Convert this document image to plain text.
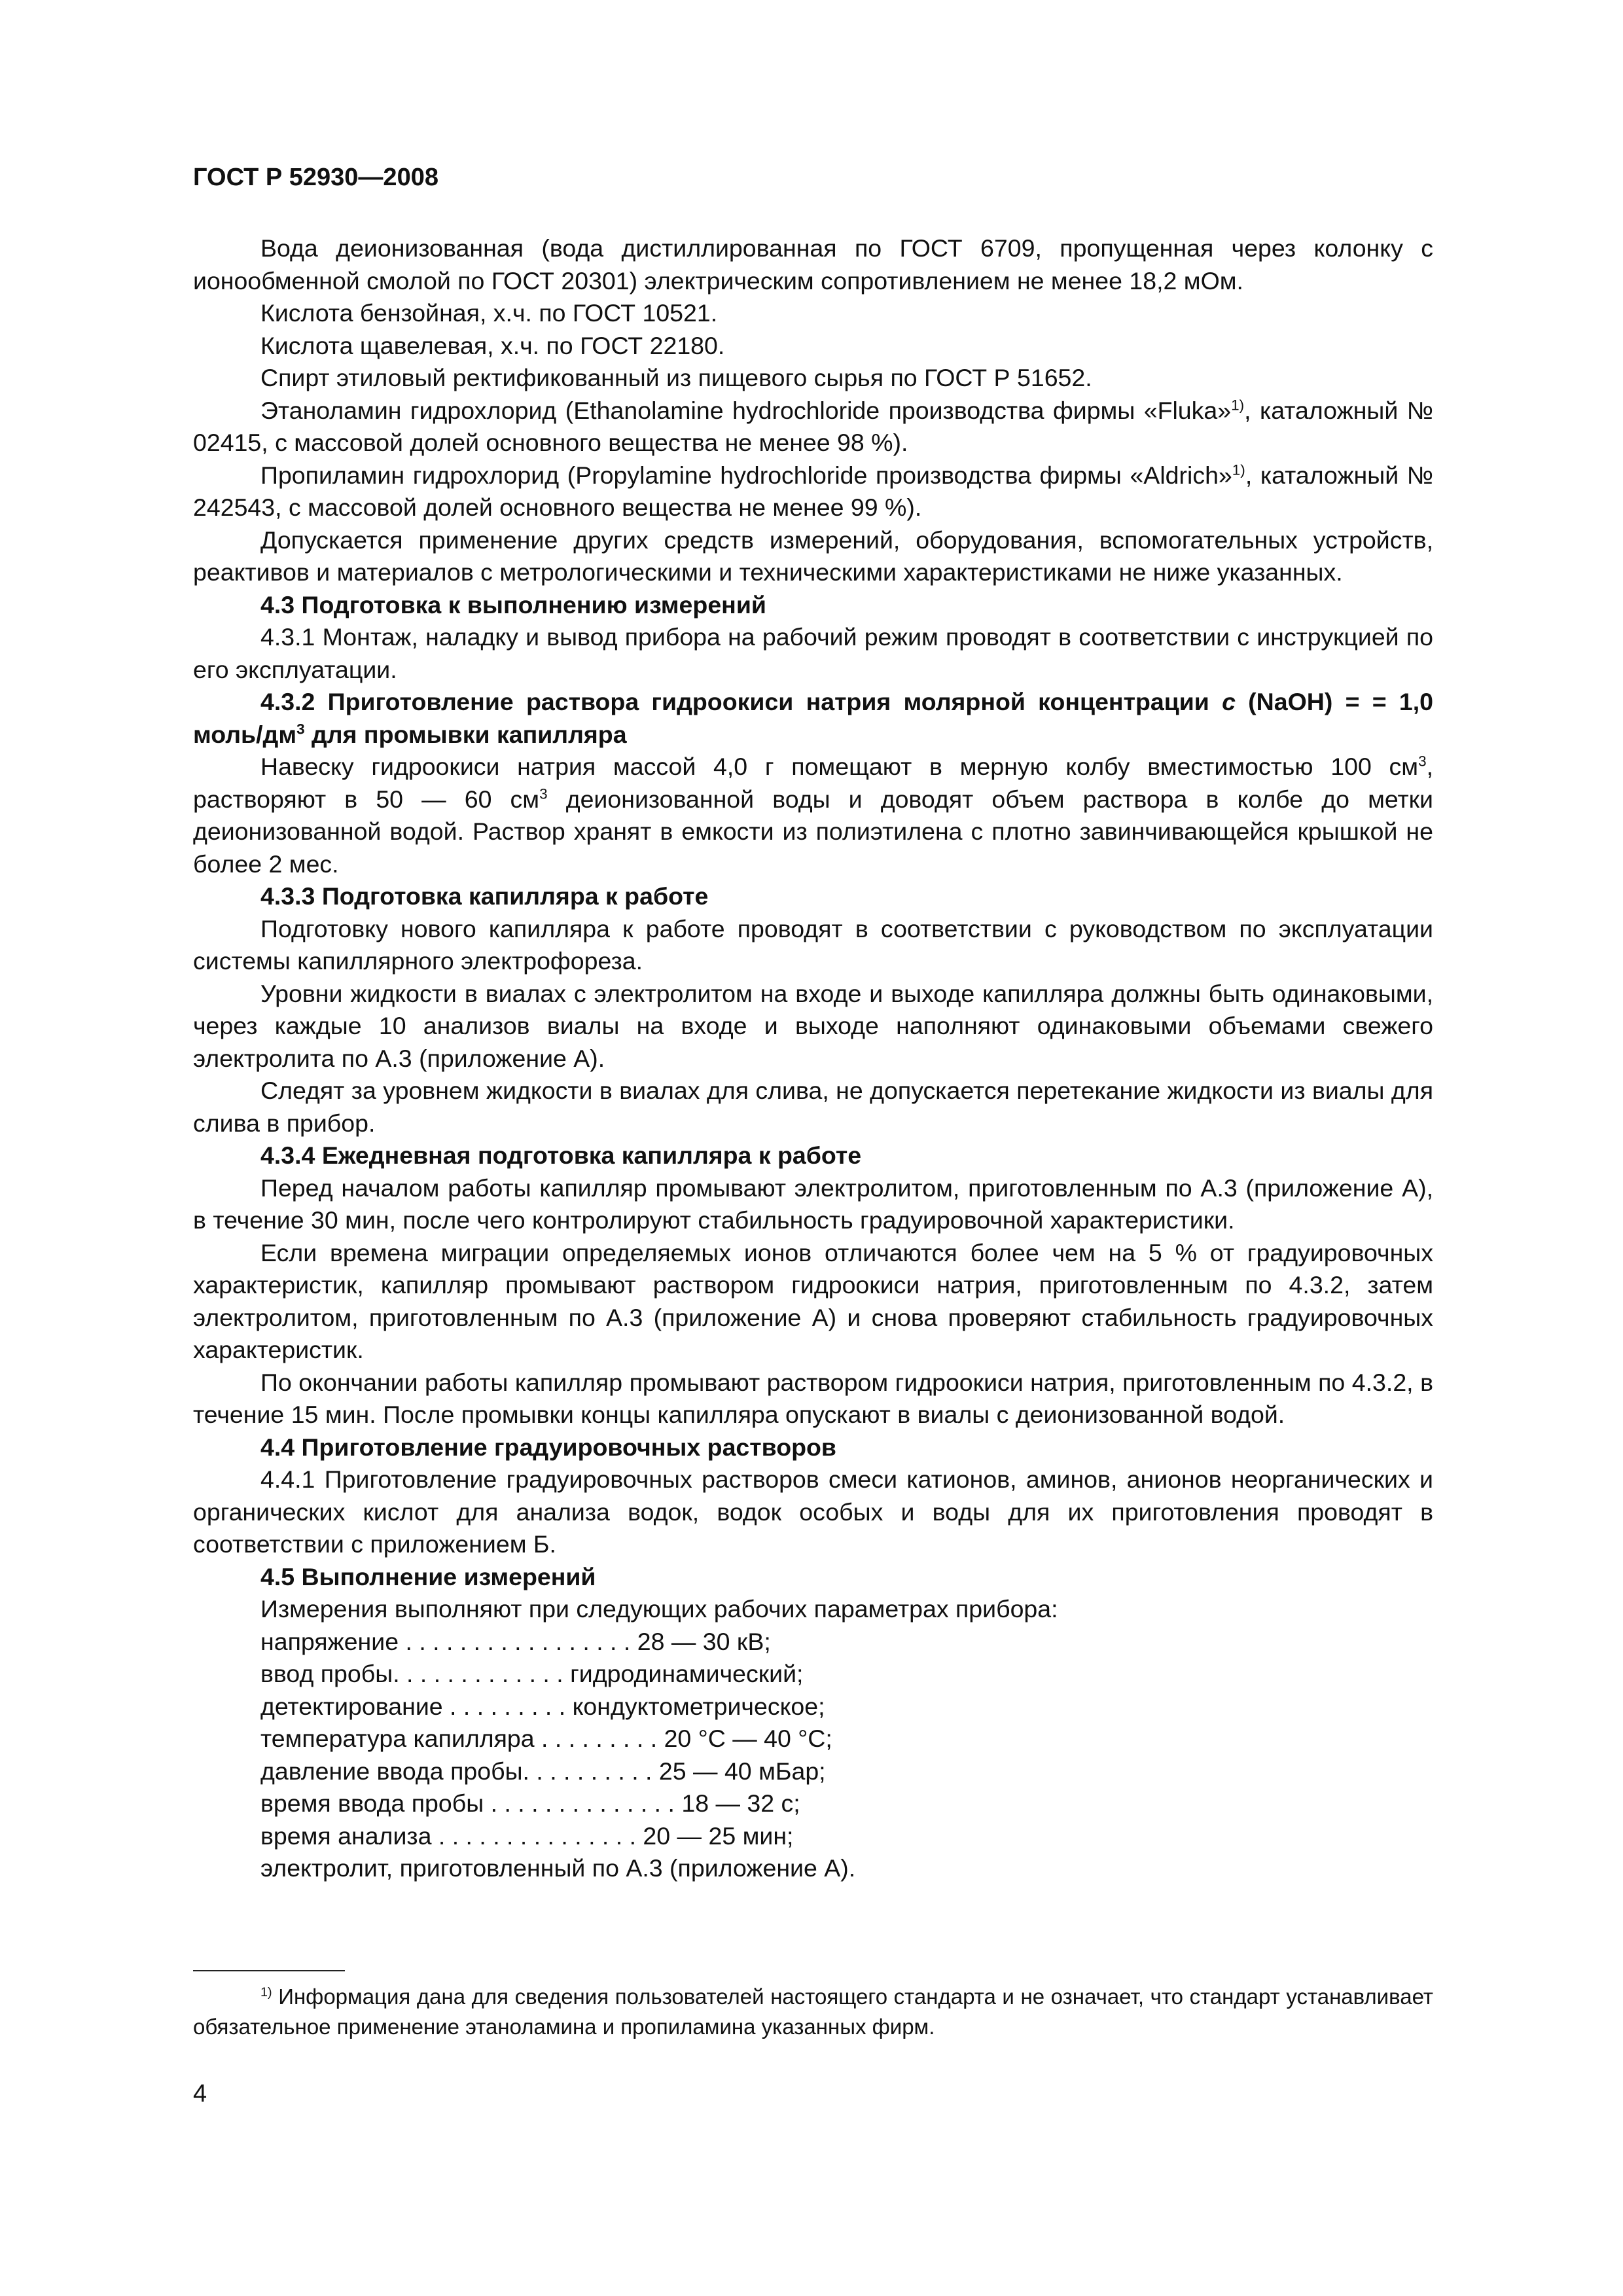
ГОСТ Р 52930—2008

Вода деионизованная (вода дистиллированная по ГОСТ 6709, пропущенная через колонку с ионообменной смолой по ГОСТ 20301) электрическим сопротивлением не менее 18,2 мОм.

Кислота бензойная, х.ч. по ГОСТ 10521.

Кислота щавелевая, х.ч. по ГОСТ 22180.

Спирт этиловый ректификованный из пищевого сырья по ГОСТ Р 51652.

Этаноламин гидрохлорид (Ethanolamine hydrochloride производства фирмы «Fluka»$^{1)}$, каталожный № 02415, с массовой долей основного вещества не менее 98 %).

Пропиламин гидрохлорид (Propylamine hydrochloride производства фирмы «Aldrich»$^{1)}$, каталожный № 242543, с массовой долей основного вещества не менее 99 %).

Допускается применение других средств измерений, оборудования, вспомогательных устройств, реактивов и материалов с метрологическими и техническими характеристиками не ниже указанных.

4.3 Подготовка к выполнению измерений

4.3.1 Монтаж, наладку и вывод прибора на рабочий режим проводят в соответствии с инструкцией по его эксплуатации.

4.3.2 Приготовление раствора гидроокиси натрия молярной концентрации c (NaOH) = = 1,0 моль/$дм^3$ для промывки капилляра

Навеску гидроокиси натрия массой 4,0 г помещают в мерную колбу вместимостью 100 $см^3$, растворяют в 50 — 60 $см^3$ деионизованной воды и доводят объем раствора в колбе до метки деионизованной водой. Раствор хранят в емкости из полиэтилена с плотно завинчивающейся крышкой не более 2 мес.

4.3.3 Подготовка капилляра к работе

Подготовку нового капилляра к работе проводят в соответствии с руководством по эксплуатации системы капиллярного электрофореза.

Уровни жидкости в виалах с электролитом на входе и выходе капилляра должны быть одинаковыми, через каждые 10 анализов виалы на входе и выходе наполняют одинаковыми объемами свежего электролита по А.3 (приложение А).

Следят за уровнем жидкости в виалах для слива, не допускается перетекание жидкости из виалы для слива в прибор.

4.3.4 Ежедневная подготовка капилляра к работе

Перед началом работы капилляр промывают электролитом, приготовленным по А.3 (приложение А), в течение 30 мин, после чего контролируют стабильность градуировочной характеристики.

Если времена миграции определяемых ионов отличаются более чем на 5 % от градуировочных характеристик, капилляр промывают раствором гидроокиси натрия, приготовленным по 4.3.2, затем электролитом, приготовленным по А.3 (приложение А) и снова проверяют стабильность градуировочных характеристик.

По окончании работы капилляр промывают раствором гидроокиси натрия, приготовленным по 4.3.2, в течение 15 мин. После промывки концы капилляра опускают в виалы с деионизованной водой.

4.4 Приготовление градуировочных растворов

4.4.1 Приготовление градуировочных растворов смеси катионов, аминов, анионов неорганических и органических кислот для анализа водок, водок особых и воды для их приготовления проводят в соответствии с приложением Б.

4.5 Выполнение измерений

Измерения выполняют при следующих рабочих параметрах прибора:

напряжение . . . . . . . . . . . . . . . . . 28 — 30 кВ;
ввод пробы. . . . . . . . . . . . . гидродинамический;
детектирование . . . . . . . . . кондуктометрическое;
температура капилляра . . . . . . . . . 20 °С — 40 °С;
давление ввода пробы. . . . . . . . . . 25 — 40 мБар;
время ввода пробы . . . . . . . . . . . . . . 18 — 32 с;
время анализа . . . . . . . . . . . . . . . 20 — 25 мин;
электролит, приготовленный по А.3 (приложение А).
$^{1)}$ Информация дана для сведения пользователей настоящего стандарта и не означает, что стандарт устанавливает обязательное применение этаноламина и пропиламина указанных фирм.
4
